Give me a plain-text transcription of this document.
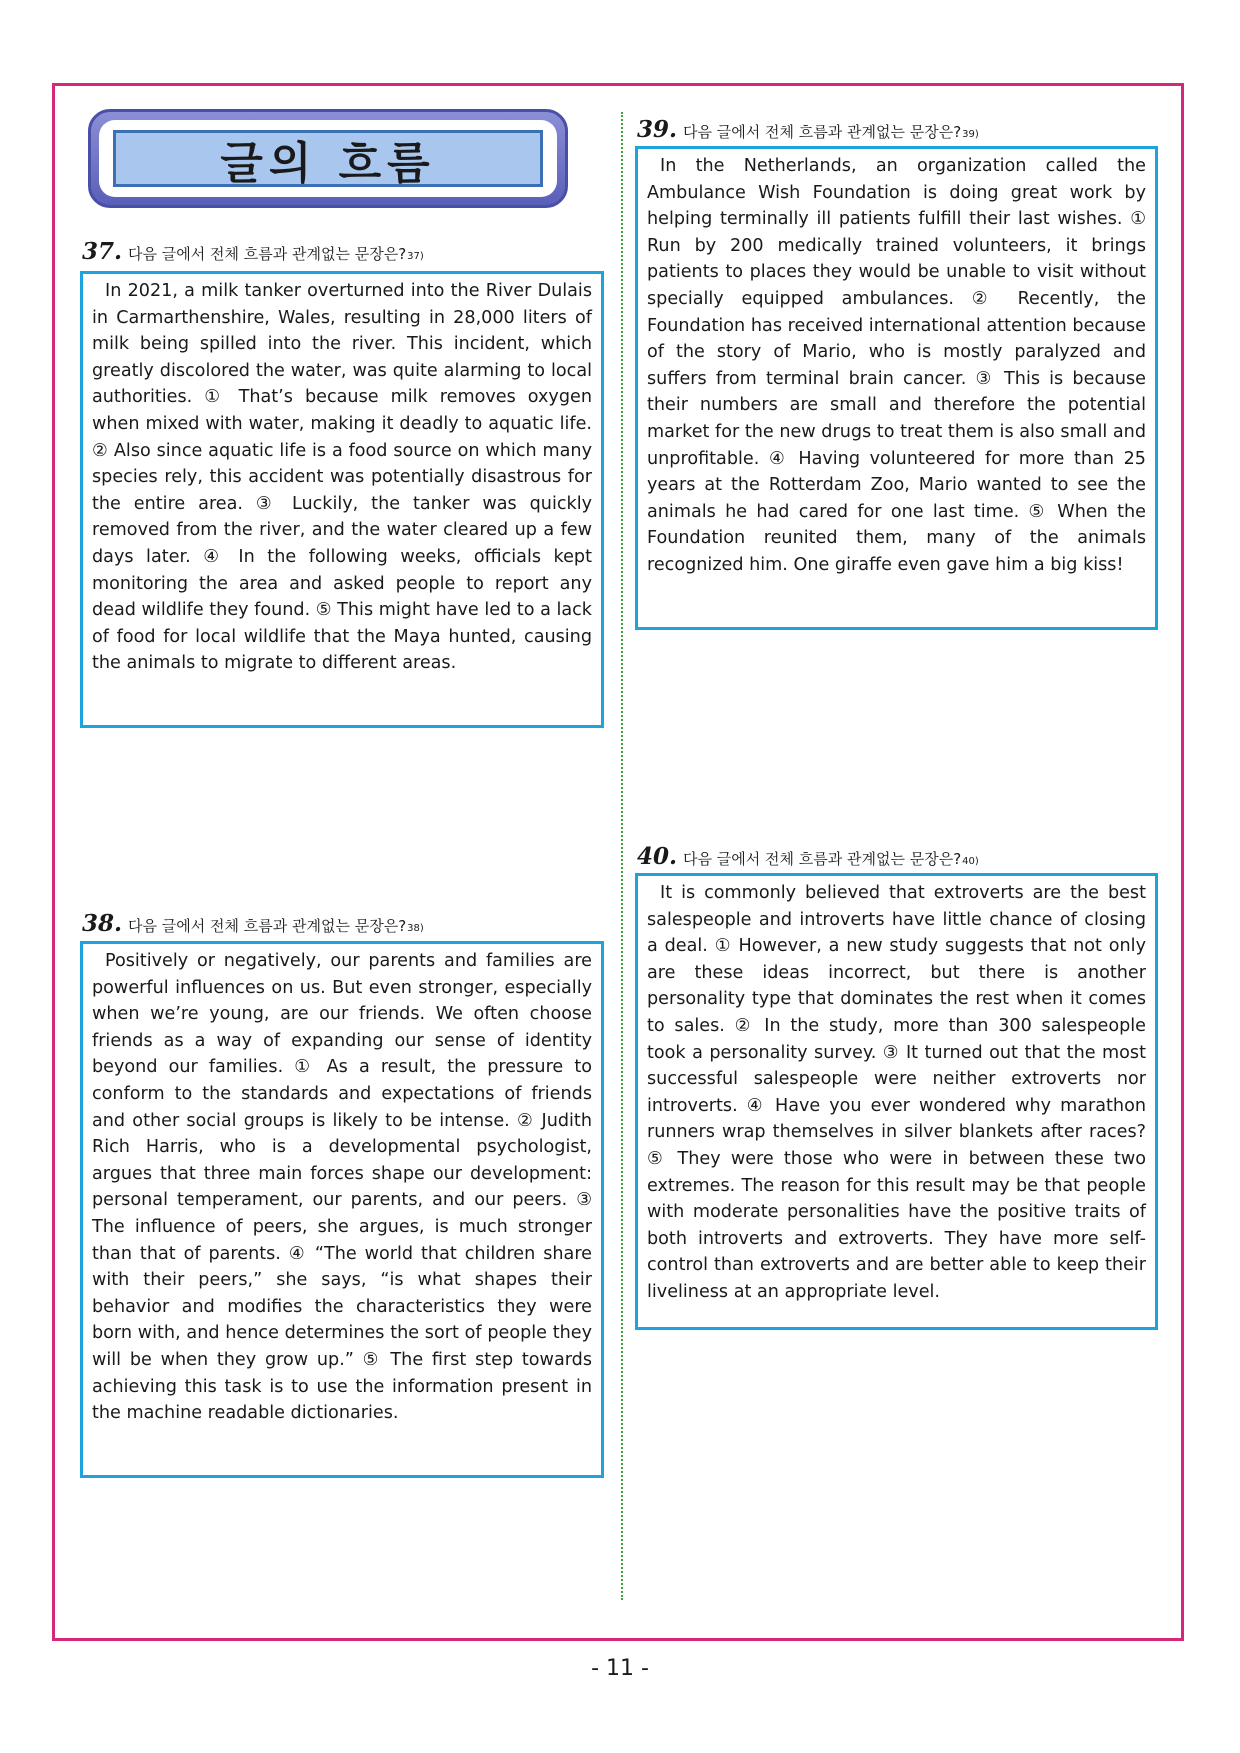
글의 흐름
37. 다음 글에서 전체 흐름과 관계없는 문장은? 37)
In 2021, a milk tanker overturned into the River Dulais in Carmarthenshire, Wales, resulting in 28,000 liters of milk being spilled into the river. This incident, which greatly discolored the water, was quite alarming to local authorities. ① That’s because milk removes oxygen when mixed with water, making it deadly to aquatic life. ② Also since aquatic life is a food source on which many species rely, this accident was potentially disastrous for the entire area. ③ Luckily, the tanker was quickly removed from the river, and the water cleared up a few days later. ④ In the following weeks, officials kept monitoring the area and asked people to report any dead wildlife they found. ⑤ This might have led to a lack of food for local wildlife that the Maya hunted, causing the animals to migrate to different areas.
38. 다음 글에서 전체 흐름과 관계없는 문장은? 38)
Positively or negatively, our parents and families are powerful influences on us. But even stronger, especially when we’re young, are our friends. We often choose friends as a way of expanding our sense of identity beyond our families. ① As a result, the pressure to conform to the standards and expectations of friends and other social groups is likely to be intense. ② Judith Rich Harris, who is a developmental psychologist, argues that three main forces shape our development: personal temperament, our parents, and our peers. ③ The influence of peers, she argues, is much stronger than that of parents. ④ “The world that children share with their peers,” she says, “is what shapes their behavior and modifies the characteristics they were born with, and hence determines the sort of people they will be when they grow up.” ⑤ The first step towards achieving this task is to use the information present in the machine readable dictionaries.
39. 다음 글에서 전체 흐름과 관계없는 문장은? 39)
In the Netherlands, an organization called the Ambulance Wish Foundation is doing great work by helping terminally ill patients fulfill their last wishes. ① Run by 200 medically trained volunteers, it brings patients to places they would be unable to visit without specially equipped ambulances. ② Recently, the Foundation has received international attention because of the story of Mario, who is mostly paralyzed and suffers from terminal brain cancer. ③ This is because their numbers are small and therefore the potential market for the new drugs to treat them is also small and unprofitable. ④ Having volunteered for more than 25 years at the Rotterdam Zoo, Mario wanted to see the animals he had cared for one last time. ⑤ When the Foundation reunited them, many of the animals recognized him. One giraffe even gave him a big kiss!
40. 다음 글에서 전체 흐름과 관계없는 문장은? 40)
It is commonly believed that extroverts are the best salespeople and introverts have little chance of closing a deal. ① However, a new study suggests that not only are these ideas incorrect, but there is another personality type that dominates the rest when it comes to sales. ② In the study, more than 300 salespeople took a personality survey. ③ It turned out that the most successful salespeople were neither extroverts nor introverts. ④ Have you ever wondered why marathon runners wrap themselves in silver blankets after races? ⑤ They were those who were in between these two extremes. The reason for this result may be that people with moderate personalities have the positive traits of both introverts and extroverts. They have more self-control than extroverts and are better able to keep their liveliness at an appropriate level.
- 11 -
